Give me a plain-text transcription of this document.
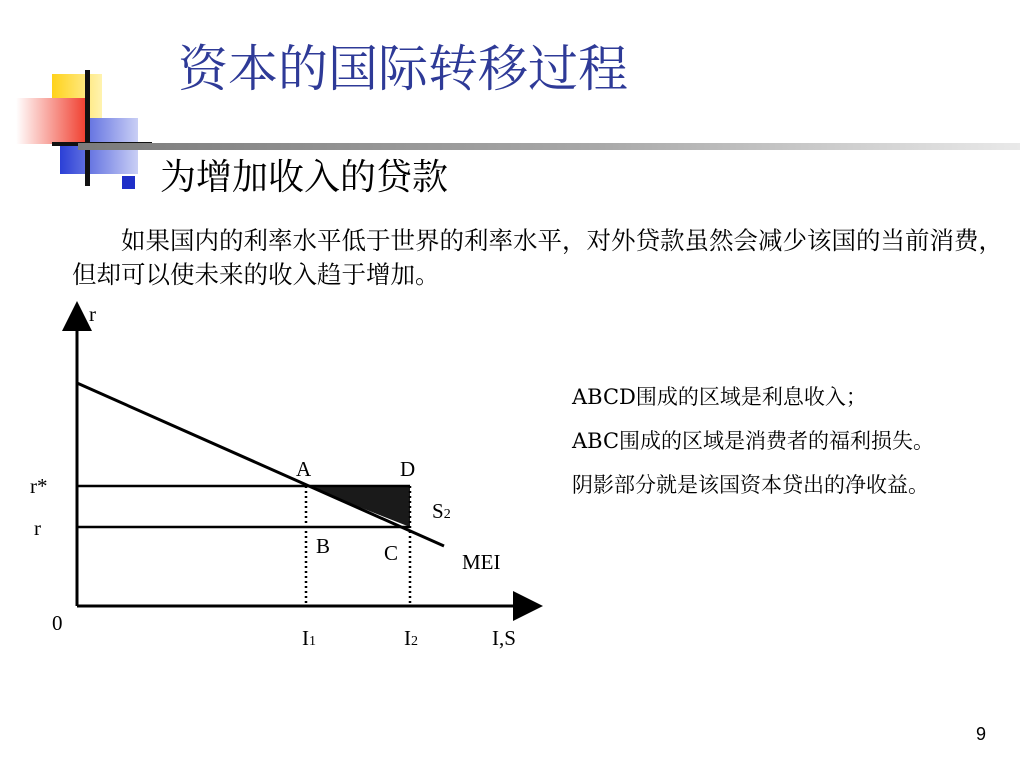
资本的国际转移过程
为增加收入的贷款
如果国内的利率水平低于世界的利率水平，对外贷款虽然会减少该国的当前消费，但却可以使未来的收入趋于增加。
r
r*
r
0
A	D
B	C
S2
MEI
I1	I2	I,S

ABCD围成的区域是利息收入；

ABC围成的区域是消费者的福利损失。

阴影部分就是该国资本贷出的净收益。

9
